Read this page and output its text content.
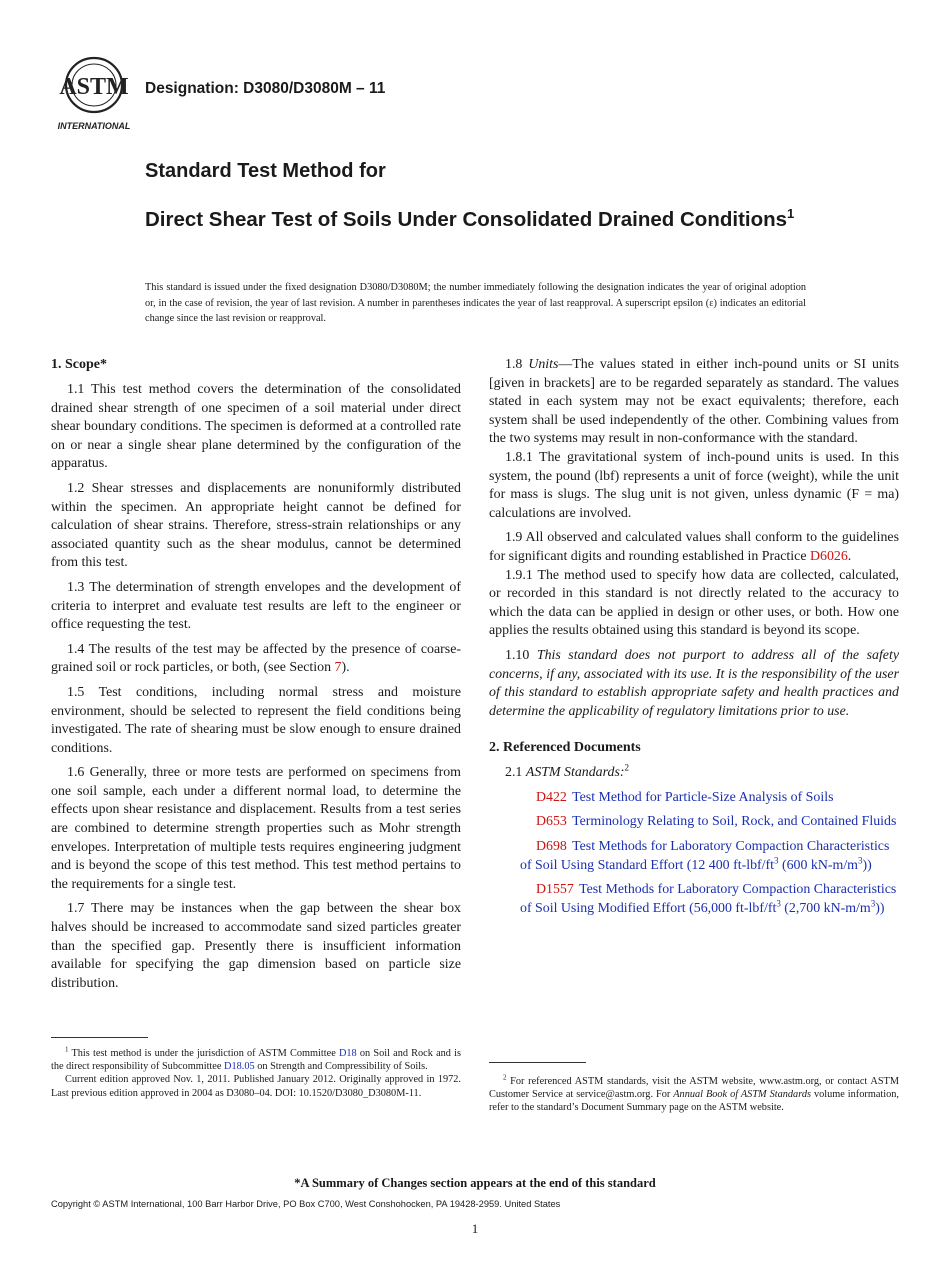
ASTM
INTERNATIONAL
Designation: D3080/D3080M – 11
Standard Test Method for
Direct Shear Test of Soils Under Consolidated Drained Conditions$^1$
This standard is issued under the fixed designation D3080/D3080M; the number immediately following the designation indicates the year of original adoption or, in the case of revision, the year of last revision. A number in parentheses indicates the year of last reapproval. A superscript epsilon (ε) indicates an editorial change since the last revision or reapproval.
1. Scope*

1.1 This test method covers the determination of the consolidated drained shear strength of one specimen of a soil material under direct shear boundary conditions. The specimen is deformed at a controlled rate on or near a single shear plane determined by the configuration of the apparatus.

1.2 Shear stresses and displacements are nonuniformly distributed within the specimen. An appropriate height cannot be defined for calculation of shear strains. Therefore, stress-strain relationships or any associated quantity such as the shear modulus, cannot be determined from this test.

1.3 The determination of strength envelopes and the development of criteria to interpret and evaluate test results are left to the engineer or office requesting the test.

1.4 The results of the test may be affected by the presence of coarse-grained soil or rock particles, or both, (see Section 7).

1.5 Test conditions, including normal stress and moisture environment, should be selected to represent the field conditions being investigated. The rate of shearing must be slow enough to ensure drained conditions.

1.6 Generally, three or more tests are performed on specimens from one soil sample, each under a different normal load, to determine the effects upon shear resistance and displacement. Results from a test series are combined to determine strength properties such as Mohr strength envelopes. Interpretation of multiple tests requires engineering judgment and is beyond the scope of this test method. This test method pertains to the requirements for a single test.

1.7 There may be instances when the gap between the shear box halves should be increased to accommodate sand sized particles greater than the specified gap. Presently there is insufficient information available for specifying the gap dimension based on particle size distribution.

1.8 Units—The values stated in either inch-pound units or SI units [given in brackets] are to be regarded separately as standard. The values stated in each system may not be exact equivalents; therefore, each system shall be used independently of the other. Combining values from the two systems may result in non-conformance with the standard.

1.8.1 The gravitational system of inch-pound units is used. In this system, the pound (lbf) represents a unit of force (weight), while the unit for mass is slugs. The slug unit is not given, unless dynamic (F = ma) calculations are involved.

1.9 All observed and calculated values shall conform to the guidelines for significant digits and rounding established in Practice D6026.

1.9.1 The method used to specify how data are collected, calculated, or recorded in this standard is not directly related to the accuracy to which the data can be applied in design or other uses, or both. How one applies the results obtained using this standard is beyond its scope.

1.10 This standard does not purport to address all of the safety concerns, if any, associated with its use. It is the responsibility of the user of this standard to establish appropriate safety and health practices and determine the applicability of regulatory limitations prior to use.

2. Referenced Documents

2.1 ASTM Standards:$^2$

D422 Test Method for Particle-Size Analysis of Soils

D653 Terminology Relating to Soil, Rock, and Contained Fluids

D698 Test Methods for Laboratory Compaction Characteristics of Soil Using Standard Effort (12 400 $ft-lbf/ft^3$ (600 $kN-m/m^3$))

D1557 Test Methods for Laboratory Compaction Characteristics of Soil Using Modified Effort (56,000 $ft-lbf/ft^3$ (2,700 $kN-m/m^3$))

$^1$ This test method is under the jurisdiction of ASTM Committee D18 on Soil and Rock and is the direct responsibility of Subcommittee D18.05 on Strength and Compressibility of Soils.

Current edition approved Nov. 1, 2011. Published January 2012. Originally approved in 1972. Last previous edition approved in 2004 as D3080–04. DOI: 10.1520/D3080_D3080M-11.

$^2$ For referenced ASTM standards, visit the ASTM website, www.astm.org, or contact ASTM Customer Service at service@astm.org. For Annual Book of ASTM Standards volume information, refer to the standard’s Document Summary page on the ASTM website.

*A Summary of Changes section appears at the end of this standard
Copyright © ASTM International, 100 Barr Harbor Drive, PO Box C700, West Conshohocken, PA 19428-2959. United States
1
